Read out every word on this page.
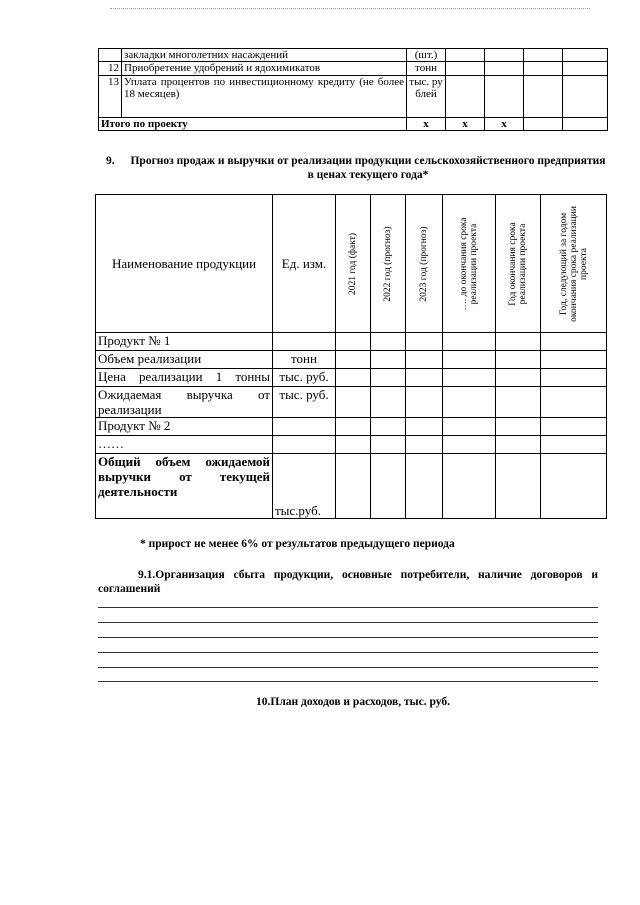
	закладки многолетних насаждений	(шт.)				
12	Приобретение удобрений и ядохимикатов	тонн				
13	Уплата процентов по инвестиционному кредиту (не более 18 месяцев)	тыс. рублей				
Итого по проекту		х	х	х		
9.	Прогноз продаж и выручки от реализации продукции сельскохозяйственного предприятия в ценах текущего года*
Наименование продукции	Ед. изм.	2021 год (факт)	2022 год (прогноз)	2023 год (прогноз)	…. до окончания срока реализации проекта	Год окончания срока реализации проекта	Год, следующий за годом окончания срока реализации проекта

Продукт № 1							
Объем реализации	тонн						
Цена реализации 1 тонны	тыс. руб.						
Ожидаемая выручка от реализации	тыс. руб.						
Продукт № 2							
……							
Общий объем ожидаемой выручки от текущей деятельности	тыс.руб.						
* прирост не менее 6% от результатов предыдущего периода
9.1.Организация сбыта продукции, основные потребители, наличие договоров и соглашений
10.План доходов и расходов, тыс. руб.
